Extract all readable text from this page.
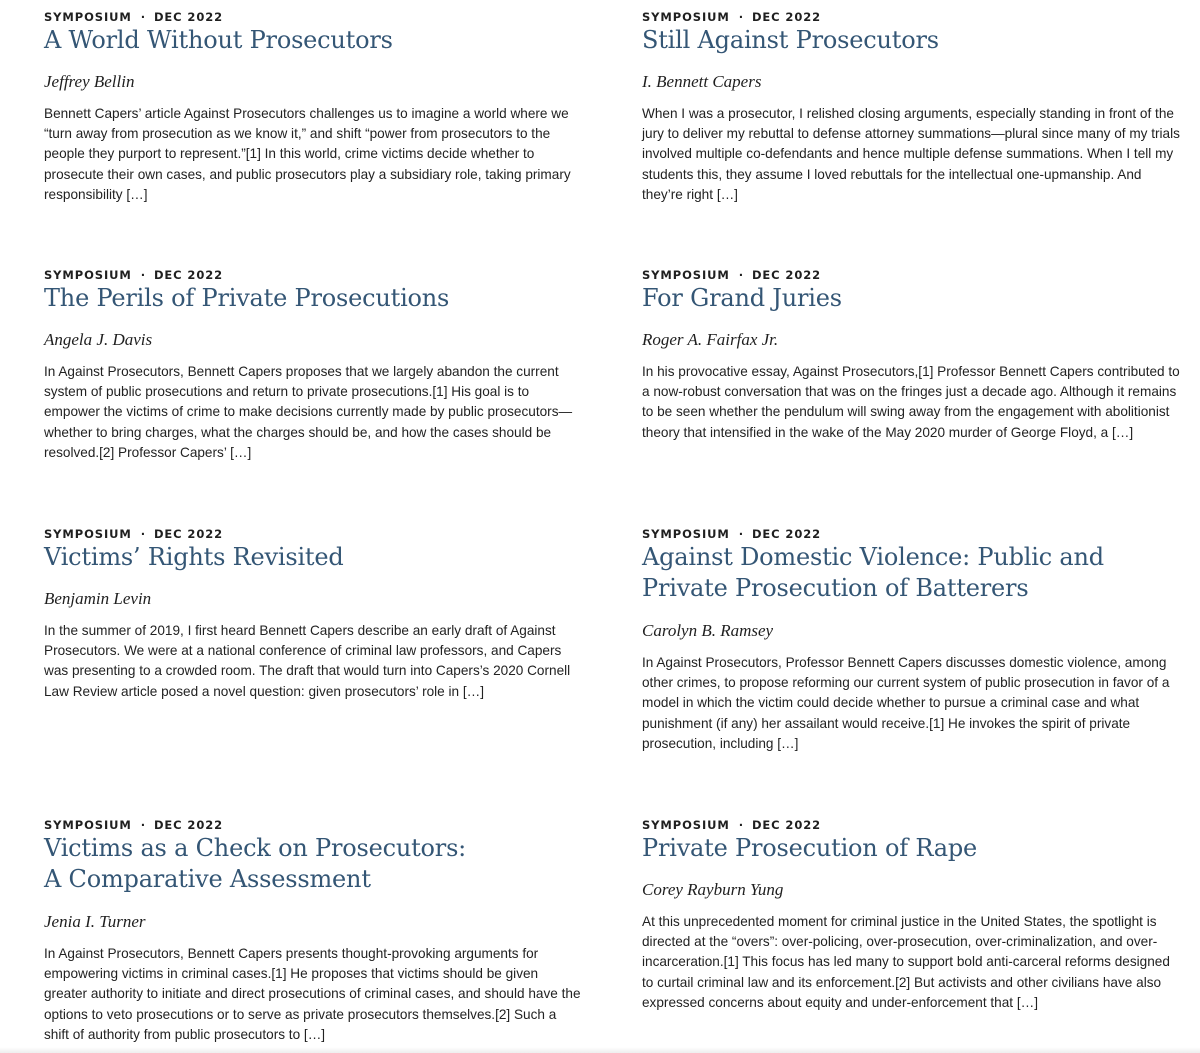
SYMPOSIUM · DEC 2022
A World Without Prosecutors
Jeffrey Bellin

Bennett Capers’ article Against Prosecutors challenges us to imagine a world where we “turn away from prosecution as we know it,” and shift “power from prosecutors to the people they purport to represent.”[1] In this world, crime victims decide whether to prosecute their own cases, and public prosecutors play a subsidiary role, taking primary responsibility […]

SYMPOSIUM · DEC 2022
Still Against Prosecutors
I. Bennett Capers

When I was a prosecutor, I relished closing arguments, especially standing in front of the jury to deliver my rebuttal to defense attorney summations—plural since many of my trials involved multiple co-defendants and hence multiple defense summations. When I tell my students this, they assume I loved rebuttals for the intellectual one-upmanship. And they’re right […]

SYMPOSIUM · DEC 2022
The Perils of Private Prosecutions
Angela J. Davis

In Against Prosecutors, Bennett Capers proposes that we largely abandon the current system of public prosecutions and return to private prosecutions.[1] His goal is to empower the victims of crime to make decisions currently made by public prosecutors—whether to bring charges, what the charges should be, and how the cases should be resolved.[2] Professor Capers’ […]

SYMPOSIUM · DEC 2022
For Grand Juries
Roger A. Fairfax Jr.

In his provocative essay, Against Prosecutors,[1] Professor Bennett Capers contributed to a now-robust conversation that was on the fringes just a decade ago. Although it remains to be seen whether the pendulum will swing away from the engagement with abolitionist theory that intensified in the wake of the May 2020 murder of George Floyd, a […]

SYMPOSIUM · DEC 2022
Victims’ Rights Revisited
Benjamin Levin

In the summer of 2019, I first heard Bennett Capers describe an early draft of Against Prosecutors. We were at a national conference of criminal law professors, and Capers was presenting to a crowded room. The draft that would turn into Capers’s 2020 Cornell Law Review article posed a novel question: given prosecutors’ role in […]

SYMPOSIUM · DEC 2022
Against Domestic Violence: Public and Private Prosecution of Batterers
Carolyn B. Ramsey

In Against Prosecutors, Professor Bennett Capers discusses domestic violence, among other crimes, to propose reforming our current system of public prosecution in favor of a model in which the victim could decide whether to pursue a criminal case and what punishment (if any) her assailant would receive.[1] He invokes the spirit of private prosecution, including […]

SYMPOSIUM · DEC 2022
Victims as a Check on Prosecutors: A Comparative Assessment
Jenia I. Turner

In Against Prosecutors, Bennett Capers presents thought-provoking arguments for empowering victims in criminal cases.[1] He proposes that victims should be given greater authority to initiate and direct prosecutions of criminal cases, and should have the options to veto prosecutions or to serve as private prosecutors themselves.[2] Such a shift of authority from public prosecutors to […]

SYMPOSIUM · DEC 2022
Private Prosecution of Rape
Corey Rayburn Yung

At this unprecedented moment for criminal justice in the United States, the spotlight is directed at the “overs”: over-policing, over-prosecution, over-criminalization, and over-incarceration.[1] This focus has led many to support bold anti-carceral reforms designed to curtail criminal law and its enforcement.[2] But activists and other civilians have also expressed concerns about equity and under-enforcement that […]
